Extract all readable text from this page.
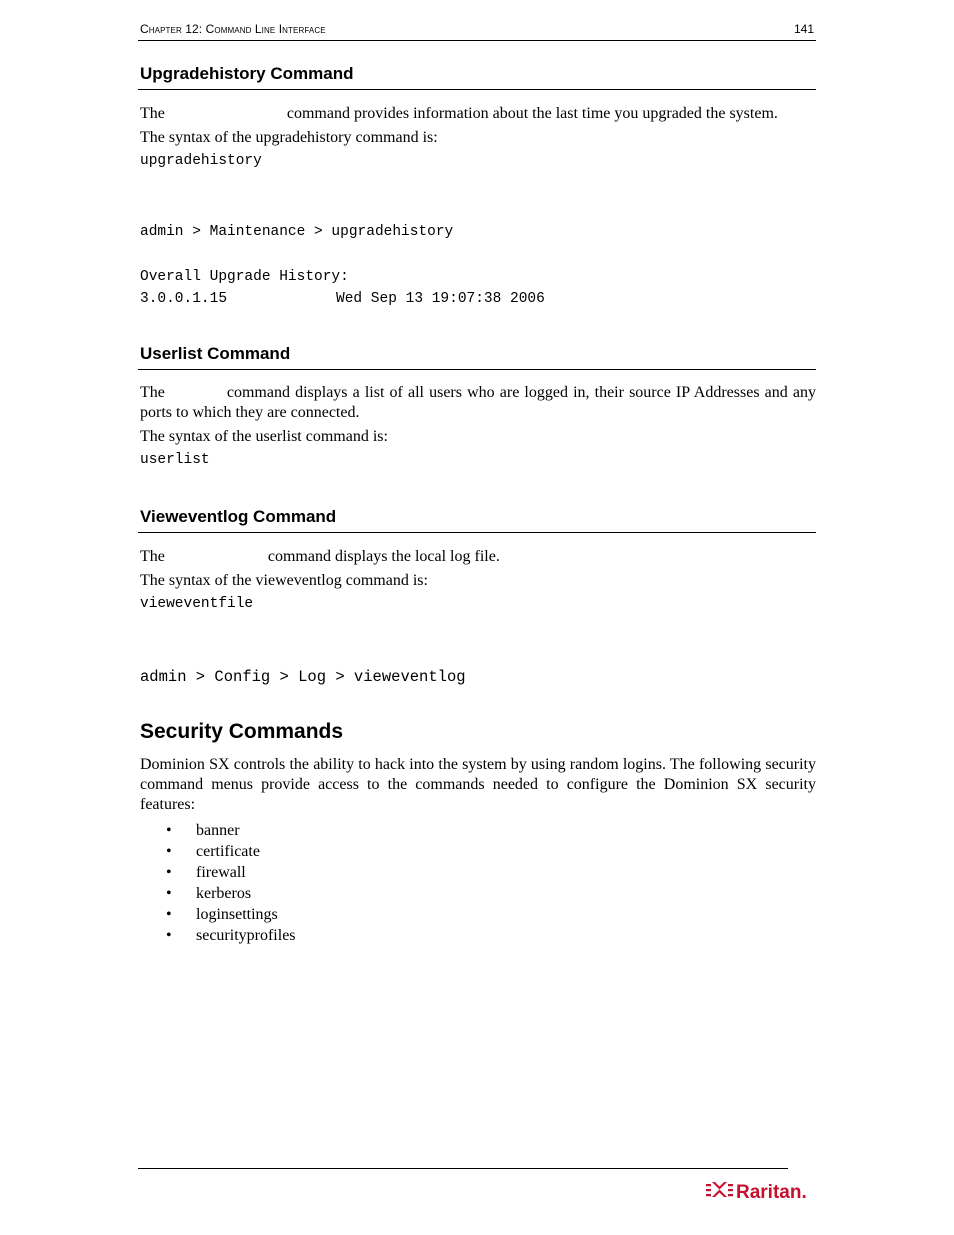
Chapter 12: Command Line Interface	141
Upgradehistory Command
The	command provides information about the last time you upgraded the system.
The syntax of the upgradehistory command is:
upgradehistory
admin > Maintenance > upgradehistory
Overall Upgrade History:
3.0.0.1.15	Wed Sep 13 19:07:38 2006
Userlist Command
The	command displays a list of all users who are logged in, their source IP Addresses and any ports to which they are connected.
The syntax of the userlist command is:
userlist
Vieweventlog Command
The	command displays the local log file.
The syntax of the vieweventlog command is:
vieweventfile
admin > Config > Log > vieweventlog
Security Commands
Dominion SX controls the ability to hack into the system by using random logins. The following security command menus provide access to the commands needed to configure the Dominion SX security features:
• banner
• certificate
• firewall
• kerberos
• loginsettings
• securityprofiles
Raritan.
